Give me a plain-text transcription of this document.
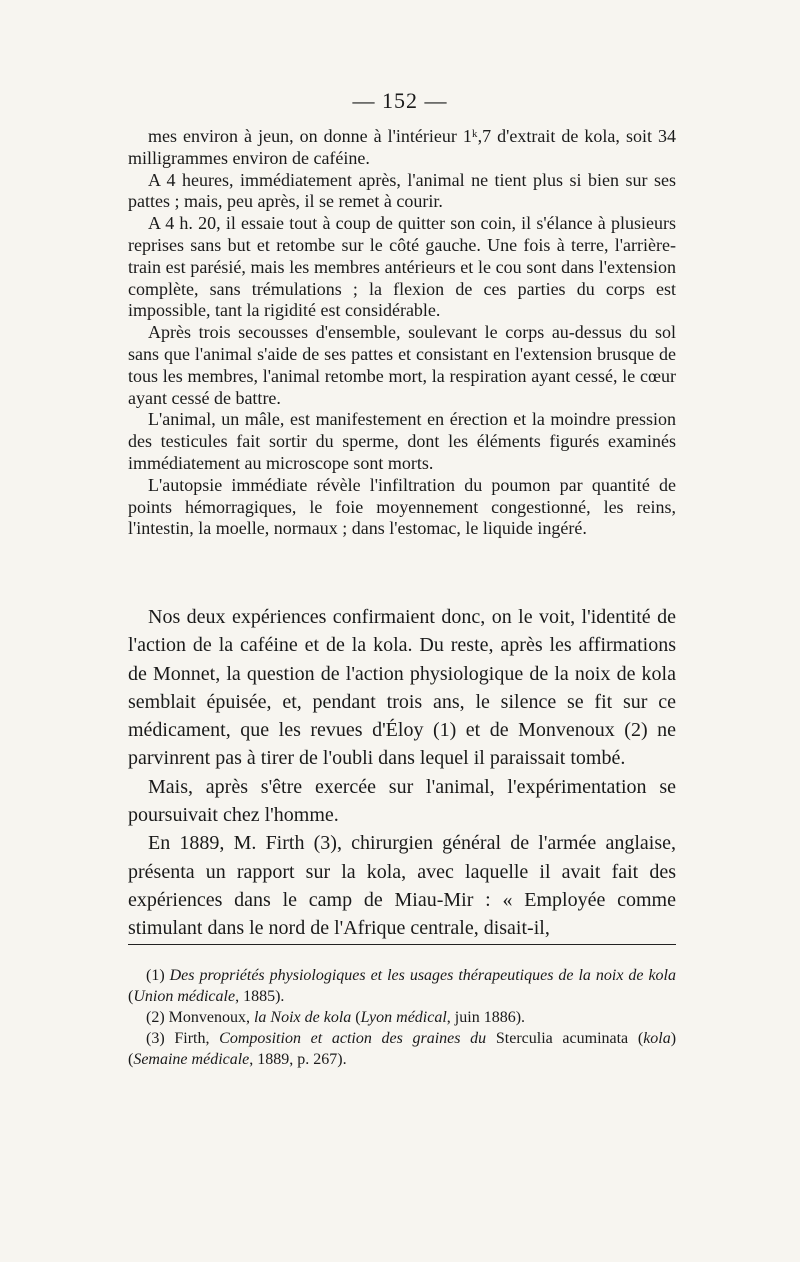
— 152 —

mes environ à jeun, on donne à l'intérieur 1ᵏ,7 d'extrait de kola, soit 34 milligrammes environ de caféine.

A 4 heures, immédiatement après, l'animal ne tient plus si bien sur ses pattes ; mais, peu après, il se remet à courir.

A 4 h. 20, il essaie tout à coup de quitter son coin, il s'élance à plusieurs reprises sans but et retombe sur le côté gauche. Une fois à terre, l'arrière-train est parésié, mais les membres antérieurs et le cou sont dans l'extension complète, sans trémulations ; la flexion de ces parties du corps est impossible, tant la rigidité est considérable.

Après trois secousses d'ensemble, soulevant le corps au-dessus du sol sans que l'animal s'aide de ses pattes et consistant en l'extension brusque de tous les membres, l'animal retombe mort, la respiration ayant cessé, le cœur ayant cessé de battre.

L'animal, un mâle, est manifestement en érection et la moindre pression des testicules fait sortir du sperme, dont les éléments figurés examinés immédiatement au microscope sont morts.

L'autopsie immédiate révèle l'infiltration du poumon par quantité de points hémorragiques, le foie moyennement congestionné, les reins, l'intestin, la moelle, normaux ; dans l'estomac, le liquide ingéré.

Nos deux expériences confirmaient donc, on le voit, l'identité de l'action de la caféine et de la kola. Du reste, après les affirmations de Monnet, la question de l'action physiologique de la noix de kola semblait épuisée, et, pendant trois ans, le silence se fit sur ce médicament, que les revues d'Éloy (1) et de Monvenoux (2) ne parvinrent pas à tirer de l'oubli dans lequel il paraissait tombé.

Mais, après s'être exercée sur l'animal, l'expérimentation se poursuivait chez l'homme.

En 1889, M. Firth (3), chirurgien général de l'armée anglaise, présenta un rapport sur la kola, avec laquelle il avait fait des expériences dans le camp de Miau-Mir : « Employée comme stimulant dans le nord de l'Afrique centrale, disait-il,

(1) Des propriétés physiologiques et les usages thérapeutiques de la noix de kola (Union médicale, 1885).

(2) Monvenoux, la Noix de kola (Lyon médical, juin 1886).

(3) Firth, Composition et action des graines du Sterculia acuminata (kola) (Semaine médicale, 1889, p. 267).
